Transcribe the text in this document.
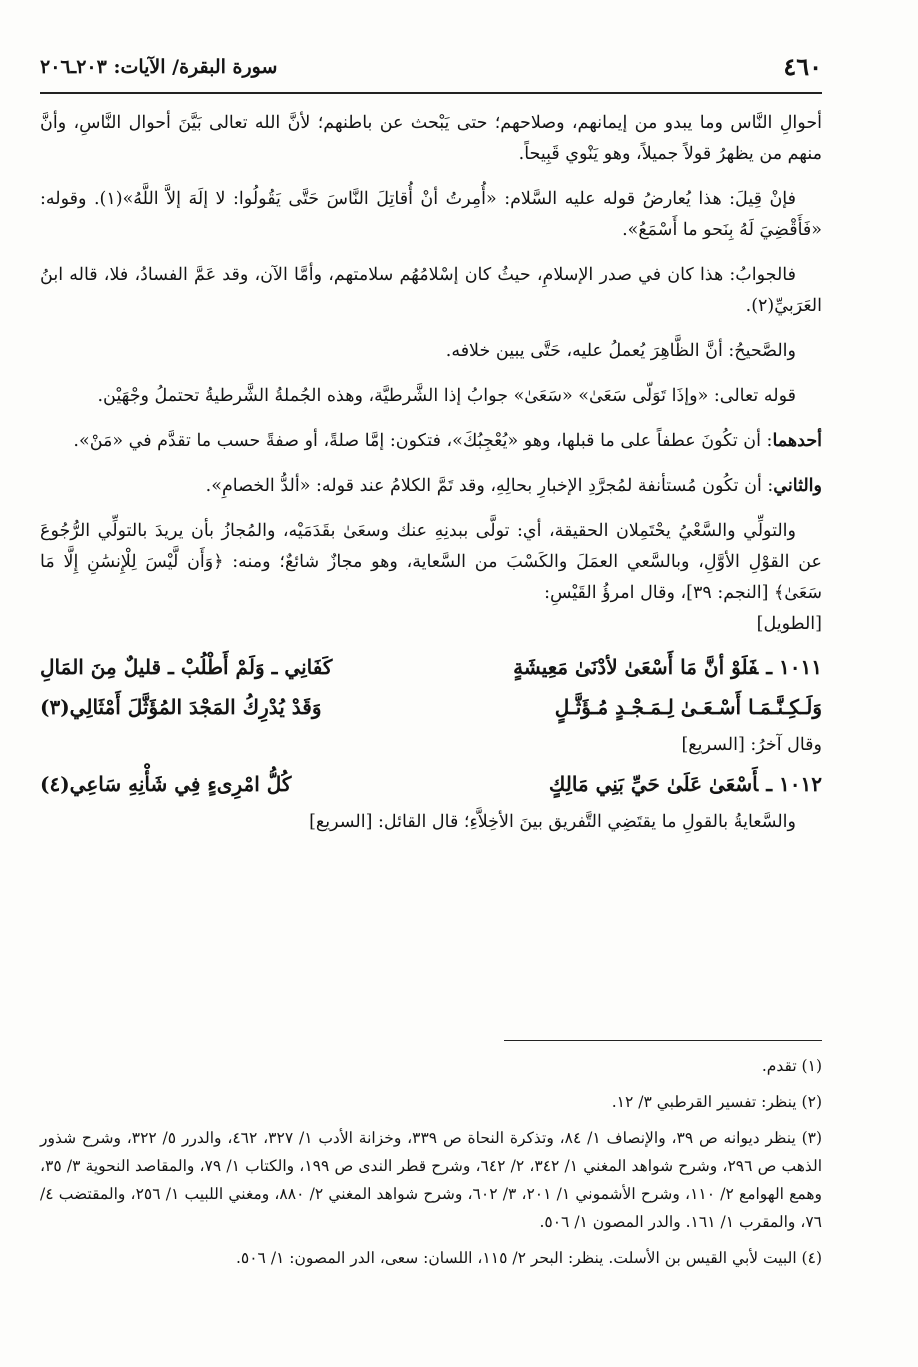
٤٦٠
سورة البقرة/ الآيات: ٢٠٣ـ٢٠٦

أحوالِ النَّاس وما يبدو من إيمانهم، وصلاحهم؛ حتى يَبْحث عن باطنهم؛ لأنَّ الله تعالى بَيَّنَ أحوال النَّاسِ، وأنَّ منهم من يظهرُ قولاً جميلاً، وهو يَنْوي قَبِيحاً.

فإنْ قِيلَ: هذا يُعارضُ قوله عليه السَّلام: «أُمِرتُ أنْ أُقاتِلَ النَّاسَ حَتَّى يَقُولُوا: لا إلَهَ إلاَّ اللَّهُ»(١). وقوله: «فَأَقْضِيَ لَهُ بِنَحو ما أَسْمَعُ».

فالجوابُ: هذا كان في صدر الإسلامِ، حيثُ كان إسْلامُهُم سلامتهم، وأمَّا الآن، وقد عَمَّ الفسادُ، فلا، قاله ابنُ العَرَبيِّ(٢).

والصَّحيحُ: أنَّ الظَّاهِرَ يُعملُ عليه، حَتَّى يبين خلافه.

قوله تعالى: «وإذَا تَوَلّى سَعَىٰ» «سَعَىٰ» جوابُ إذا الشَّرطيَّة، وهذه الجُملةُ الشَّرطيةُ تحتملُ وجْهَيْن.

أحدهما: أن تكُونَ عطفاً على ما قبلها، وهو «يُعْجِبُكَ»، فتكون: إمَّا صلةً، أو صفةً حسب ما تقدَّم في «مَنْ».

والثاني: أن تكُون مُستأنفة لمُجرَّدِ الإخبارِ بحالِهِ، وقد تَمَّ الكلامُ عند قوله: «ألدُّ الخصامِ».

والتولِّي والسَّعْيُ يحْتَمِلان الحقيقة، أي: تولَّى ببدنِهِ عنك وسعَىٰ بقَدَمَيْه، والمُجازُ بأن يريدَ بالتولِّي الرُّجُوعَ عن القوْلِ الأوَّلِ، وبالسَّعي العمَلَ والكَسْبَ من السَّعاية، وهو مجازٌ شائعٌ؛ ومنه: ﴿وَأَن لَّيْسَ لِلْإِنسَٰنِ إِلَّا مَا سَعَىٰ﴾ [النجم: ٣٩]، وقال امرؤُ القَيْسِ:

[الطويل]
١٠١١ ـفَلَوْ أنَّ مَا أَسْعَىٰ لأدْنَىٰ مَعِيشَةٍ
كَفَانِي ـ وَلَمْ أَطْلُبْ ـ قليلٌ مِنَ المَالِ
وَلَـكِـنَّـمَـا أَسْـعَـىٰ لِـمَـجْـدٍ مُـؤَثَّـلٍ
وَقَدْ يُدْرِكُ المَجْدَ المُؤَثَّلَ أَمْثَالِي(٣)
وقال آخرُ: [السريع]
١٠١٢ ـأَسْعَىٰ عَلَىٰ حَيِّ بَنِي مَالِكٍ
كُلُّ امْرِىءٍ فِي شَأْنِهِ سَاعِي(٤)

والسَّعايةُ بالقولِ ما يقتَضِي التَّفريق بينَ الأخِلاَّءِ؛ قال القائل: [السريع]

(١) تقدم.

(٢) ينظر: تفسير القرطبي ٣/ ١٢.

(٣) ينظر ديوانه ص ٣٩، والإنصاف ١/ ٨٤، وتذكرة النحاة ص ٣٣٩، وخزانة الأدب ١/ ٣٢٧، ٤٦٢، والدرر ٥/ ٣٢٢، وشرح شذور الذهب ص ٢٩٦، وشرح شواهد المغني ١/ ٣٤٢، ٢/ ٦٤٢، وشرح قطر الندى ص ١٩٩، والكتاب ١/ ٧٩، والمقاصد النحوية ٣/ ٣٥، وهمع الهوامع ٢/ ١١٠، وشرح الأشموني ١/ ٢٠١، ٣/ ٦٠٢، وشرح شواهد المغني ٢/ ٨٨٠، ومغني اللبيب ١/ ٢٥٦، والمقتضب ٤/ ٧٦، والمقرب ١/ ١٦١. والدر المصون ١/ ٥٠٦.

(٤) البيت لأبي القيس بن الأسلت. ينظر: البحر ٢/ ١١٥، اللسان: سعى، الدر المصون: ١/ ٥٠٦.
